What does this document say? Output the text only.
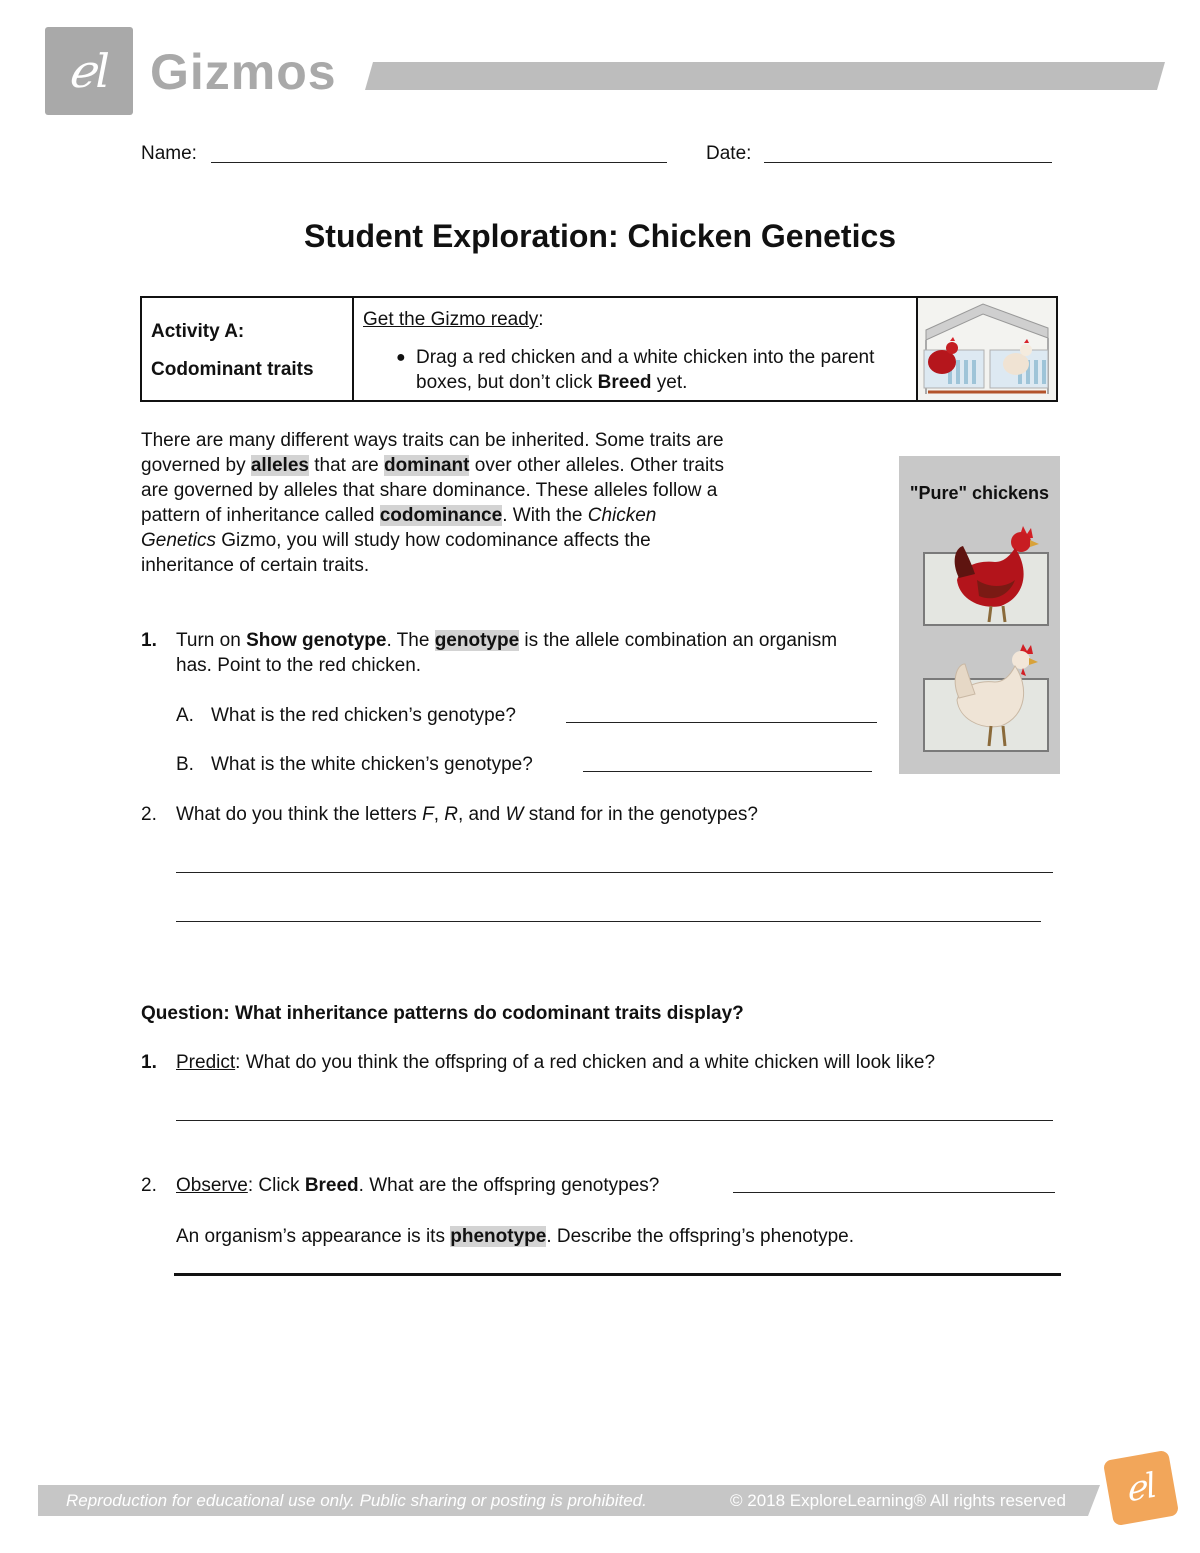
ℯl Gizmos
Name:	Date:
Student Exploration: Chicken Genetics
Activity A:
Codominant traits
Get the Gizmo ready:
● Drag a red chicken and a white chicken into the parent boxes, but don’t click Breed yet.

There are many different ways traits can be inherited. Some traits are governed by alleles that are dominant over other alleles. Other traits are governed by alleles that share dominance. These alleles follow a pattern of inheritance called codominance. With the Chicken Genetics Gizmo, you will study how codominance affects the inheritance of certain traits.

"Pure" chickens
1. Turn on Show genotype. The genotype is the allele combination an organism has. Point to the red chicken.
A. What is the red chicken’s genotype?
B. What is the white chicken’s genotype?
2. What do you think the letters F, R, and W stand for in the genotypes?
Question: What inheritance patterns do codominant traits display?
1. Predict: What do you think the offspring of a red chicken and a white chicken will look like?
2. Observe: Click Breed. What are the offspring genotypes?
An organism’s appearance is its phenotype. Describe the offspring’s phenotype.
Reproduction for educational use only. Public sharing or posting is prohibited.	© 2018 ExploreLearning® All rights reserved	ℯl
